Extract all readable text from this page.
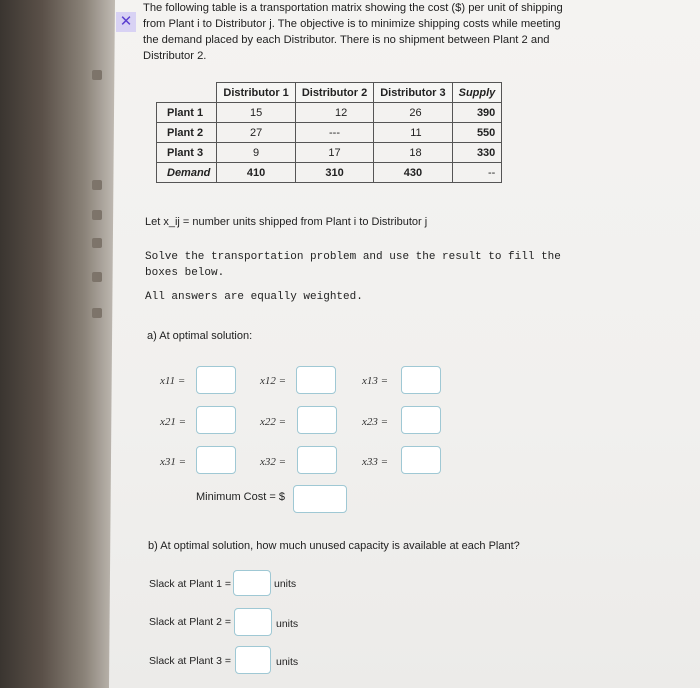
✕
The following table is a transportation matrix showing the cost ($) per unit of shipping from Plant i to Distributor j. The objective is to minimize shipping costs while meeting the demand placed by each Distributor. There is no shipment between Plant 2 and Distributor 2.
	Distributor 1	Distributor 2	Distributor 3	Supply
Plant 1	15	12	26	390
Plant 2	27	---	11	550
Plant 3	9	17	18	330
Demand	410	310	430	--
Let x_ij = number units shipped from Plant i to Distributor j
Solve the transportation problem and use the result to fill the
boxes below.
All answers are equally weighted.
a) At optimal solution:
x11 =	x12 =	x13 =
x21 =	x22 =	x23 =
x31 =	x32 =	x33 =
Minimum Cost = $
b) At optimal solution, how much unused capacity is available at each Plant?
Slack at Plant 1 =	units
Slack at Plant 2 =	units
Slack at Plant 3 =	units
